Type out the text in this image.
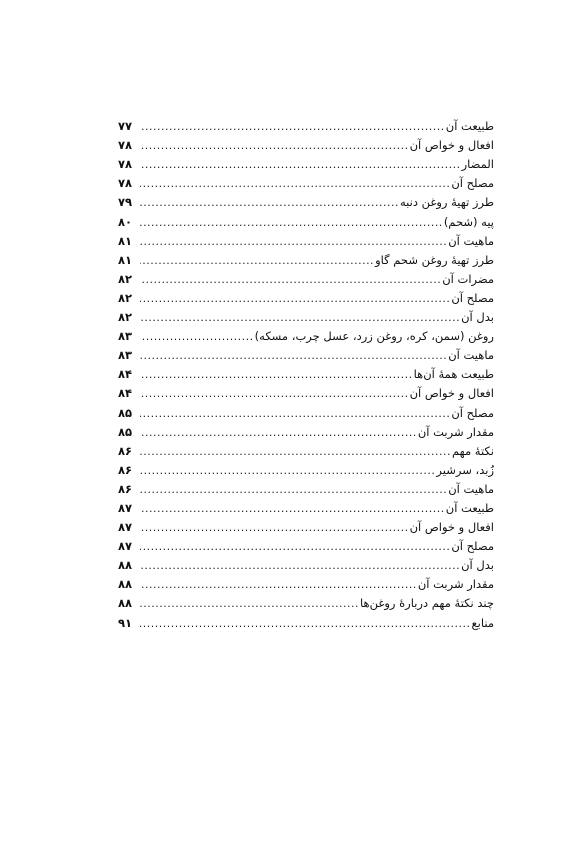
طبیعت آن
.....
۷۷
افعال و خواص آن
.....
۷۸
المضار
.....
۷۸
مصلح آن
.....
۷۸
طرز تهیهٔ روغن دنبه
.....
۷۹
پیه (شحم)
.....
۸۰
ماهیت آن
.....
۸۱
طرز تهیهٔ روغن شحم گاو
.....
۸۱
مضرات آن
.....
۸۲
مصلح آن
.....
۸۲
بدل آن
.....
۸۲
روغن (سمن، کره، روغن زرد، عسل چرب، مسکه)
.....
۸۳
ماهیت آن
.....
۸۳
طبیعت همهٔ آن‌ها
.....
۸۴
افعال و خواص آن
.....
۸۴
مصلح آن
.....
۸۵
مقدار شربت آن
.....
۸۵
نکتهٔ مهم
.....
۸۶
زُبد، سرشیر
.....
۸۶
ماهیت آن
.....
۸۶
طبیعت آن
.....
۸۷
افعال و خواص آن
.....
۸۷
مصلح آن
.....
۸۷
بدل آن
.....
۸۸
مقدار شربت آن
.....
۸۸
چند نکتهٔ مهم دربارهٔ روغن‌ها
.....
۸۸
منابع
.....
۹۱
